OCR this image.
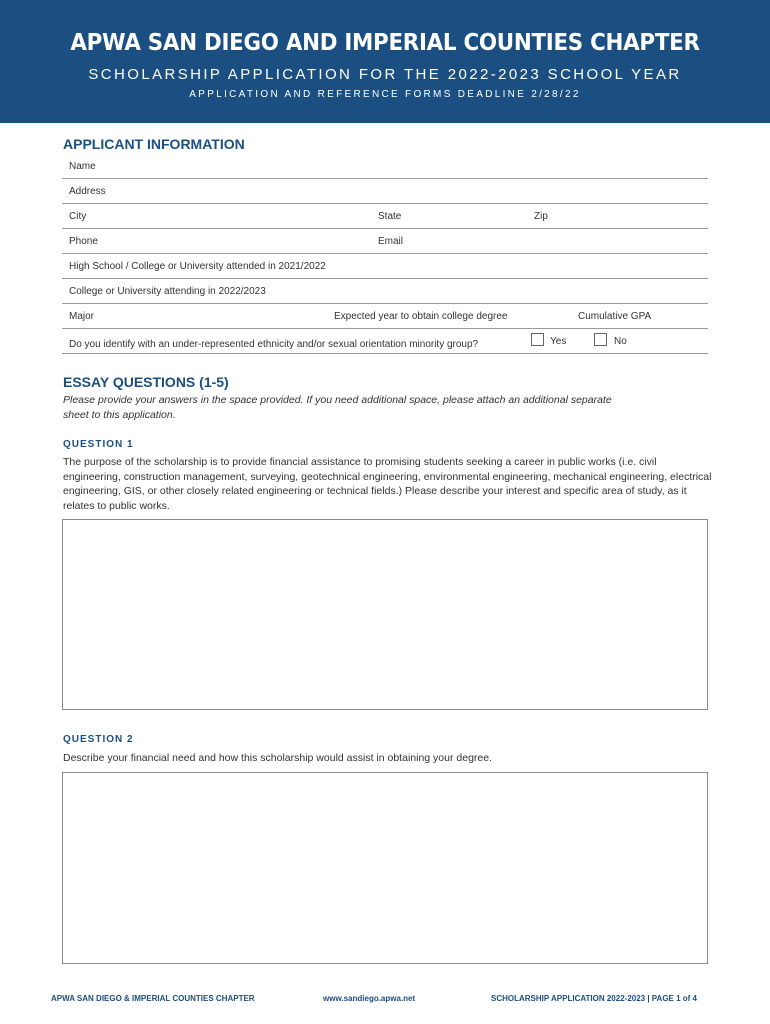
APWA SAN DIEGO AND IMPERIAL COUNTIES CHAPTER
SCHOLARSHIP APPLICATION FOR THE 2022-2023 SCHOOL YEAR
APPLICATION AND REFERENCE FORMS DEADLINE 2/28/22
APPLICANT INFORMATION
Name
Address
City	State	Zip
Phone	Email
High School / College or University attended in 2021/2022
College or University attending in 2022/2023
Major	Expected year to obtain college degree	Cumulative GPA
Do you identify with an under-represented ethnicity and/or sexual orientation minority group?	Yes	No
ESSAY QUESTIONS (1-5)
Please provide your answers in the space provided. If you need additional space, please attach an additional separate
sheet to this application.
QUESTION 1
The purpose of the scholarship is to provide financial assistance to promising students seeking a career in public works (i.e. civil engineering, construction management, surveying, geotechnical engineering, environmental engineering, mechanical engineering, electrical engineering, GIS, or other closely related engineering or technical fields.) Please describe your interest and specific area of study, as it relates to public works.
QUESTION 2
Describe your financial need and how this scholarship would assist in obtaining your degree.
APWA SAN DIEGO & IMPERIAL COUNTIES CHAPTER	www.sandiego.apwa.net	SCHOLARSHIP APPLICATION 2022-2023 | PAGE 1 of 4
